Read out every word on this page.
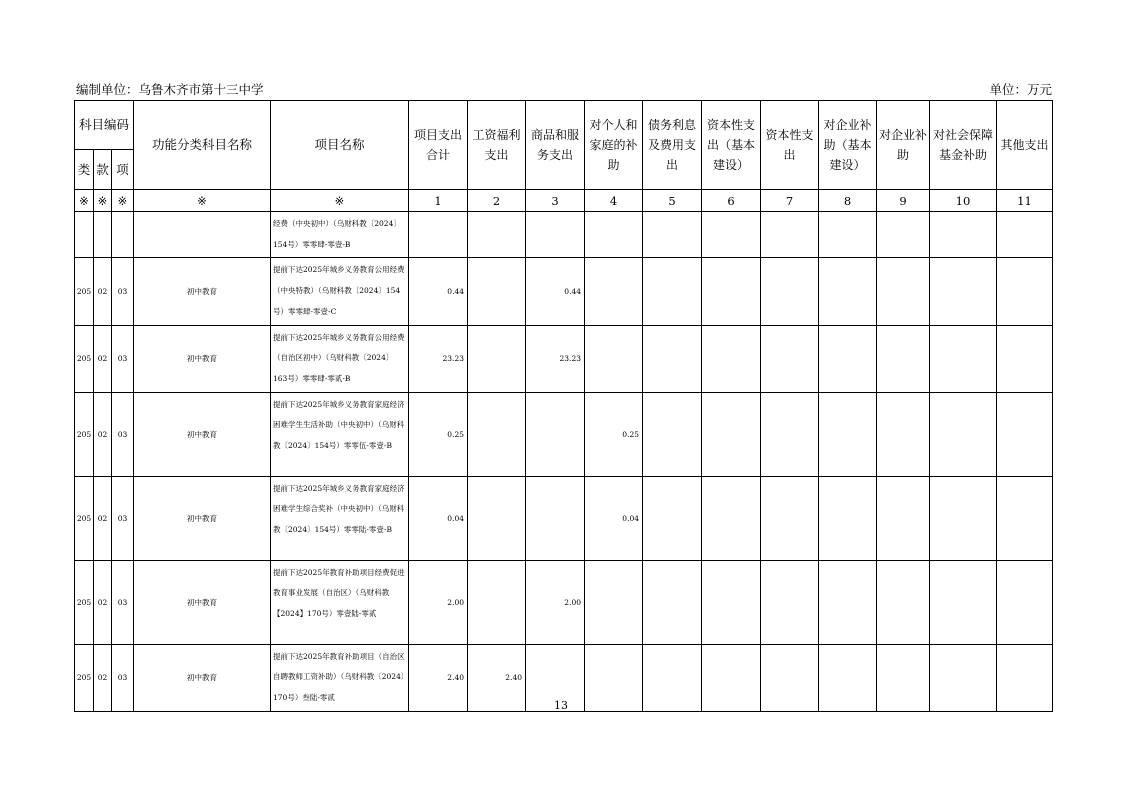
编制单位：乌鲁木齐市第十三中学	单位：万元
科目编码			功能分类科目名称	项目名称	项目支出合计	工资福利支出	商品和服务支出	对个人和家庭的补助	债务利息及费用支出	资本性支出（基本建设）	资本性支出	对企业补助（基本建设）	对企业补助	对社会保障基金补助	其他支出
类	款	项													
※	※	※	※	※	1	2	3	4	5	6	7	8	9	10	11
				经费（中央初中）（乌财科教〔2024〕154号）零零肆-零壹-B											
205	02	03	初中教育	提前下达2025年城乡义务教育公用经费（中央特教）（乌财科教〔2024〕154号）零零肆-零壹-C	0.44		0.44								
205	02	03	初中教育	提前下达2025年城乡义务教育公用经费（自治区初中）（乌财科教〔2024〕163号）零零肆-零贰-B	23.23		23.23								
205	02	03	初中教育	提前下达2025年城乡义务教育家庭经济困难学生生活补助（中央初中）（乌财科教〔2024〕154号）零零伍-零壹-B	0.25			0.25							
205	02	03	初中教育	提前下达2025年城乡义务教育家庭经济困难学生综合奖补（中央初中）（乌财科教〔2024〕154号）零零陆-零壹-B	0.04			0.04							
205	02	03	初中教育	提前下达2025年教育补助项目经费促进教育事业发展（自治区）（乌财科教【2024】170号）零壹陆-零贰	2.00		2.00								
205	02	03	初中教育	提前下达2025年教育补助项目（自治区自聘教师工资补助）（乌财科教〔2024〕170号）叁陆-零贰	2.40	2.40									
13
